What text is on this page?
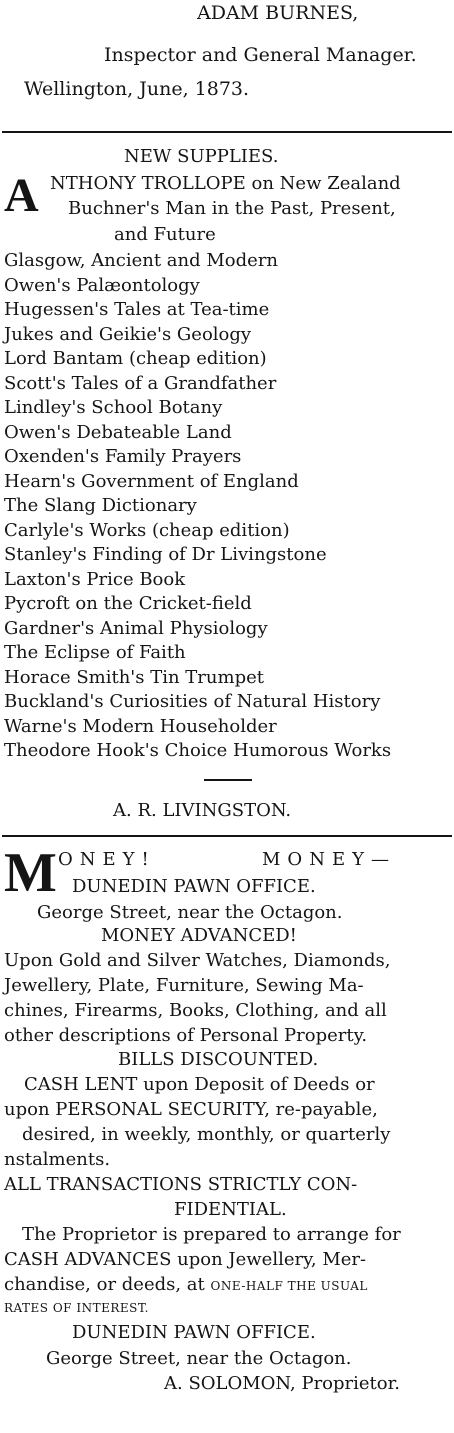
ADAM BURNES,
Inspector and General Manager.
Wellington, June, 1873.
NEW SUPPLIES.
A NTHONY TROLLOPE on New Zealand
Buchner's Man in the Past, Present,
and Future
Glasgow, Ancient and Modern
Owen's Palæontology
Hugessen's Tales at Tea-time
Jukes and Geikie's Geology
Lord Bantam (cheap edition)
Scott's Tales of a Grandfather
Lindley's School Botany
Owen's Debateable Land
Oxenden's Family Prayers
Hearn's Government of England
The Slang Dictionary
Carlyle's Works (cheap edition)
Stanley's Finding of Dr Livingstone
Laxton's Price Book
Pycroft on the Cricket-field
Gardner's Animal Physiology
The Eclipse of Faith
Horace Smith's Tin Trumpet
Buckland's Curiosities of Natural History
Warne's Modern Householder
Theodore Hook's Choice Humorous Works
A. R. LIVINGSTON.
M ONEY!	MONEY—
DUNEDIN PAWN OFFICE.
George Street, near the Octagon.
MONEY ADVANCED!
Upon Gold and Silver Watches, Diamonds,
Jewellery, Plate, Furniture, Sewing Ma-
chines, Firearms, Books, Clothing, and all
other descriptions of Personal Property.
BILLS DISCOUNTED.
CASH LENT upon Deposit of Deeds or
upon PERSONAL SECURITY, re-payable,
desired, in weekly, monthly, or quarterly
nstalments.
ALL TRANSACTIONS STRICTLY CON-
FIDENTIAL.
The Proprietor is prepared to arrange for
CASH ADVANCES upon Jewellery, Mer-
chandise, or deeds, at ONE-HALF THE USUAL
RATES OF INTEREST.
DUNEDIN PAWN OFFICE.
George Street, near the Octagon.
A. SOLOMON, Proprietor.
